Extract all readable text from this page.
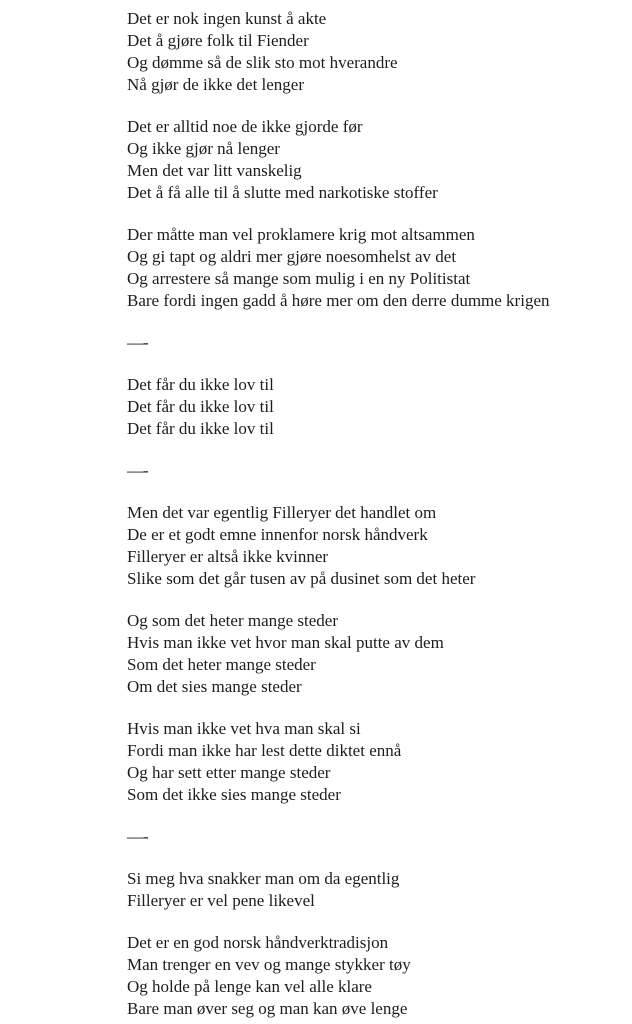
Det er nok ingen kunst å akte
Det å gjøre folk til Fiender
Og dømme så de slik sto mot hverandre
Nå gjør de ikke det lenger
Det er alltid noe de ikke gjorde før
Og ikke gjør nå lenger
Men det var litt vanskelig
Det å få alle til å slutte med narkotiske stoffer
Der måtte man vel proklamere krig mot altsammen
Og gi tapt og aldri mer gjøre noesomhelst av det
Og arrestere så mange som mulig i en ny Politistat
Bare fordi ingen gadd å høre mer om den derre dumme krigen
—-
Det får du ikke lov til
Det får du ikke lov til
Det får du ikke lov til
—-
Men det var egentlig Filleryer det handlet om
De er et godt emne innenfor norsk håndverk
Filleryer er altså ikke kvinner
Slike som det går tusen av på dusinet som det heter
Og som det heter mange steder
Hvis man ikke vet hvor man skal putte av dem
Som det heter mange steder
Om det sies mange steder
Hvis man ikke vet hva man skal si
Fordi man ikke har lest dette diktet ennå
Og har sett etter mange steder
Som det ikke sies mange steder
—-
Si meg hva snakker man om da egentlig
Filleryer er vel pene likevel
Det er en god norsk håndverktradisjon
Man trenger en vev og mange stykker tøy
Og holde på lenge kan vel alle klare
Bare man øver seg og man kan øve lenge
